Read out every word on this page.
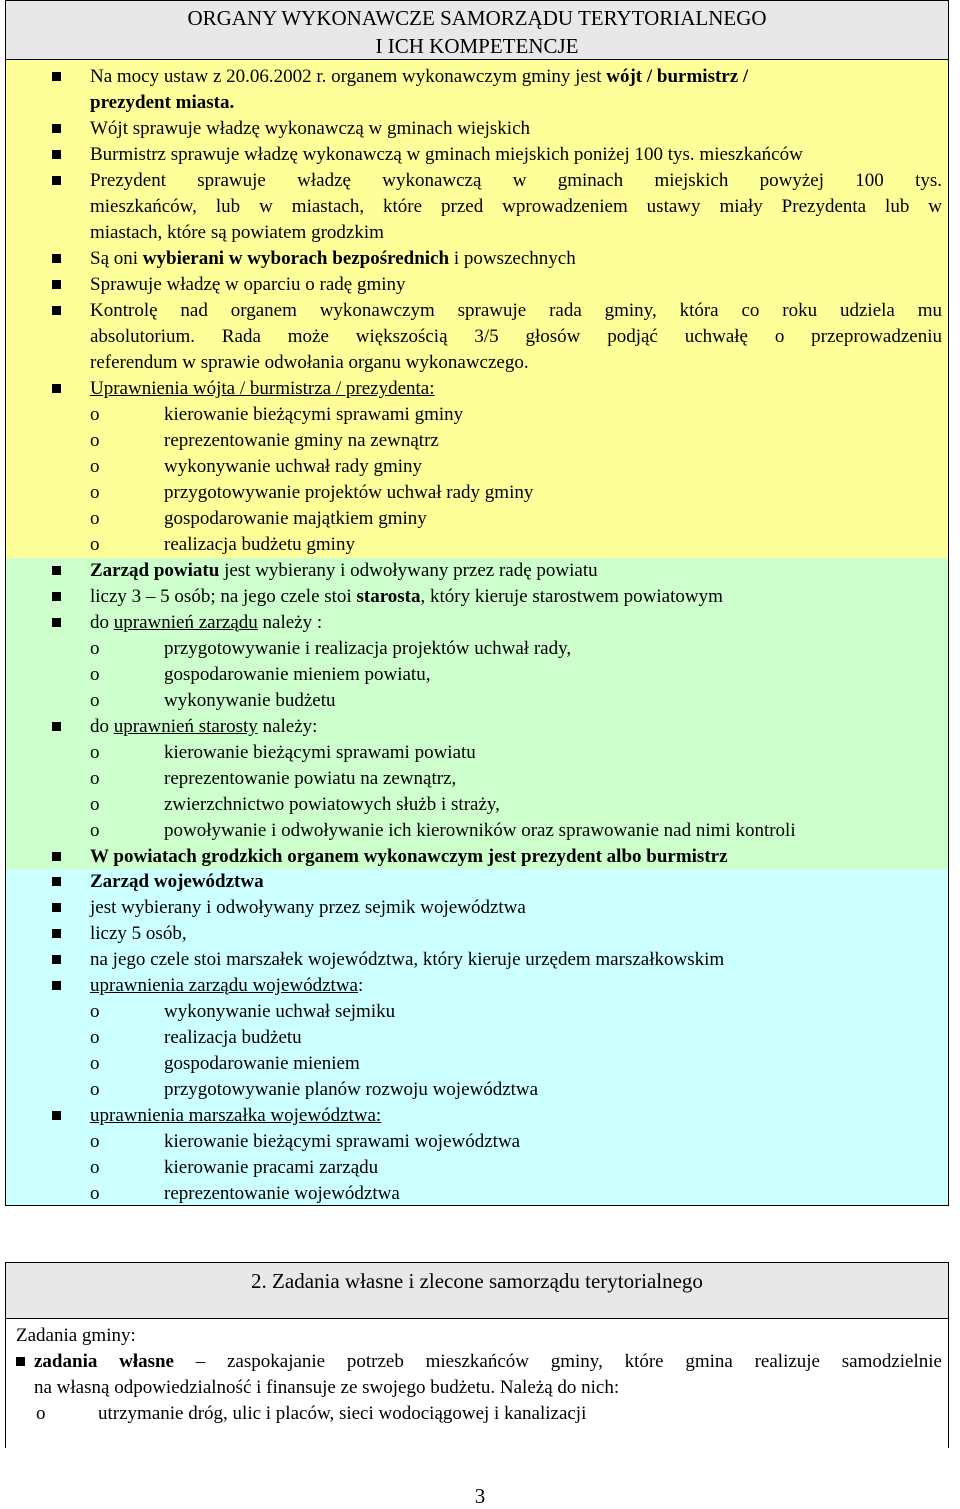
ORGANY WYKONAWCZE SAMORZĄDU TERYTORIALNEGO
I ICH KOMPETENCJE
Na mocy ustaw z 20.06.2002 r. organem wykonawczym gminy jest wójt / burmistrz /
prezydent miasta.
Wójt sprawuje władzę wykonawczą w gminach wiejskich
Burmistrz sprawuje władzę wykonawczą w gminach miejskich poniżej 100 tys. mieszkańców
Prezydent sprawuje władzę wykonawczą w gminach miejskich powyżej 100 tys.
mieszkańców, lub w miastach, które przed wprowadzeniem ustawy miały Prezydenta lub w
miastach, które są powiatem grodzkim
Są oni wybierani w wyborach bezpośrednich i powszechnych
Sprawuje władzę w oparciu o radę gminy
Kontrolę nad organem wykonawczym sprawuje rada gminy, która co roku udziela mu
absolutorium. Rada może większością 3/5 głosów podjąć uchwałę o przeprowadzeniu
referendum w sprawie odwołania organu wykonawczego.
Uprawnienia wójta / burmistrza / prezydenta:
o	kierowanie bieżącymi sprawami gminy
o	reprezentowanie gminy na zewnątrz
o	wykonywanie uchwał rady gminy
o	przygotowywanie projektów uchwał rady gminy
o	gospodarowanie majątkiem gminy
o	realizacja budżetu gminy
Zarząd powiatu jest wybierany i odwoływany przez radę powiatu
liczy 3 – 5 osób; na jego czele stoi starosta, który kieruje starostwem powiatowym
do uprawnień zarządu należy :
o	przygotowywanie i realizacja projektów uchwał rady,
o	gospodarowanie mieniem powiatu,
o	wykonywanie budżetu
do uprawnień starosty należy:
o	kierowanie bieżącymi sprawami powiatu
o	reprezentowanie powiatu na zewnątrz,
o	zwierzchnictwo powiatowych służb i straży,
o	powoływanie i odwoływanie ich kierowników oraz sprawowanie nad nimi kontroli
W powiatach grodzkich organem wykonawczym jest prezydent albo burmistrz
Zarząd województwa
jest wybierany i odwoływany przez sejmik województwa
liczy 5 osób,
na jego czele stoi marszałek województwa, który kieruje urzędem marszałkowskim
uprawnienia zarządu województwa:
o	wykonywanie uchwał sejmiku
o	realizacja budżetu
o	gospodarowanie mieniem
o	przygotowywanie planów rozwoju województwa
uprawnienia marszałka województwa:
o	kierowanie bieżącymi sprawami województwa
o	kierowanie pracami zarządu
o	reprezentowanie województwa
2. Zadania własne i zlecone samorządu terytorialnego
Zadania gminy:
zadania własne – zaspokajanie potrzeb mieszkańców gminy, które gmina realizuje samodzielnie
na własną odpowiedzialność i finansuje ze swojego budżetu. Należą do nich:
o	utrzymanie dróg, ulic i placów, sieci wodociągowej i kanalizacji
3
